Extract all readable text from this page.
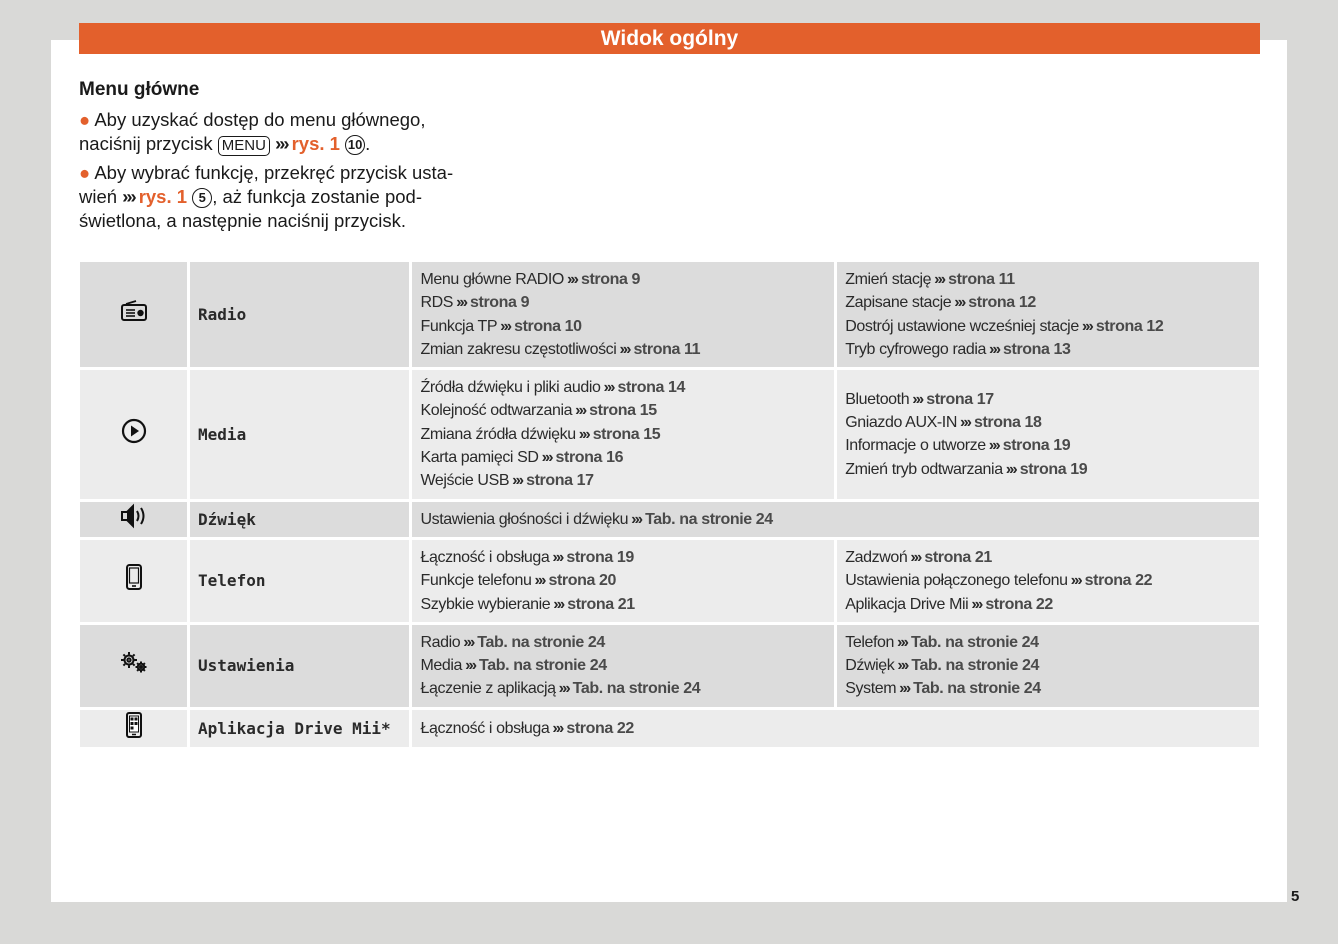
Widok ogólny
Menu główne

● Aby uzyskać dostęp do menu głównego, naciśnij przycisk MENU ››› rys. 1 10 .

● Aby wybrać funkcję, przekręć przycisk usta-wień ››› rys. 1 5 , aż funkcja zostanie pod-świetlona, a następnie naciśnij przycisk.

	Radio	Menu główne RADIO ››› strona 9
RDS ››› strona 9
Funkcja TP ››› strona 10
Zmian zakresu częstotliwości ››› strona 11	Zmień stację ››› strona 11
Zapisane stacje ››› strona 12
Dostrój ustawione wcześniej stacje ››› strona 12
Tryb cyfrowego radia ››› strona 13

	Media	Źródła dźwięku i pliki audio ››› strona 14
Kolejność odtwarzania ››› strona 15
Zmiana źródła dźwięku ››› strona 15
Karta pamięci SD ››› strona 16
Wejście USB ››› strona 17	Bluetooth ››› strona 17
Gniazdo AUX-IN ››› strona 18
Informacje o utworze ››› strona 19
Zmień tryb odtwarzania ››› strona 19

	Dźwięk	Ustawienia głośności i dźwięku ››› Tab. na stronie 24	

	Telefon	Łączność i obsługa ››› strona 19
Funkcje telefonu ››› strona 20
Szybkie wybieranie ››› strona 21	Zadzwoń ››› strona 21
Ustawienia połączonego telefonu ››› strona 22
Aplikacja Drive Mii ››› strona 22

	Ustawienia	Radio ››› Tab. na stronie 24
Media ››› Tab. na stronie 24
Łączenie z aplikacją ››› Tab. na stronie 24	Telefon ››› Tab. na stronie 24
Dźwięk ››› Tab. na stronie 24
System ››› Tab. na stronie 24

	Aplikacja Drive Mii*	Łączność i obsługa ››› strona 22	
5
